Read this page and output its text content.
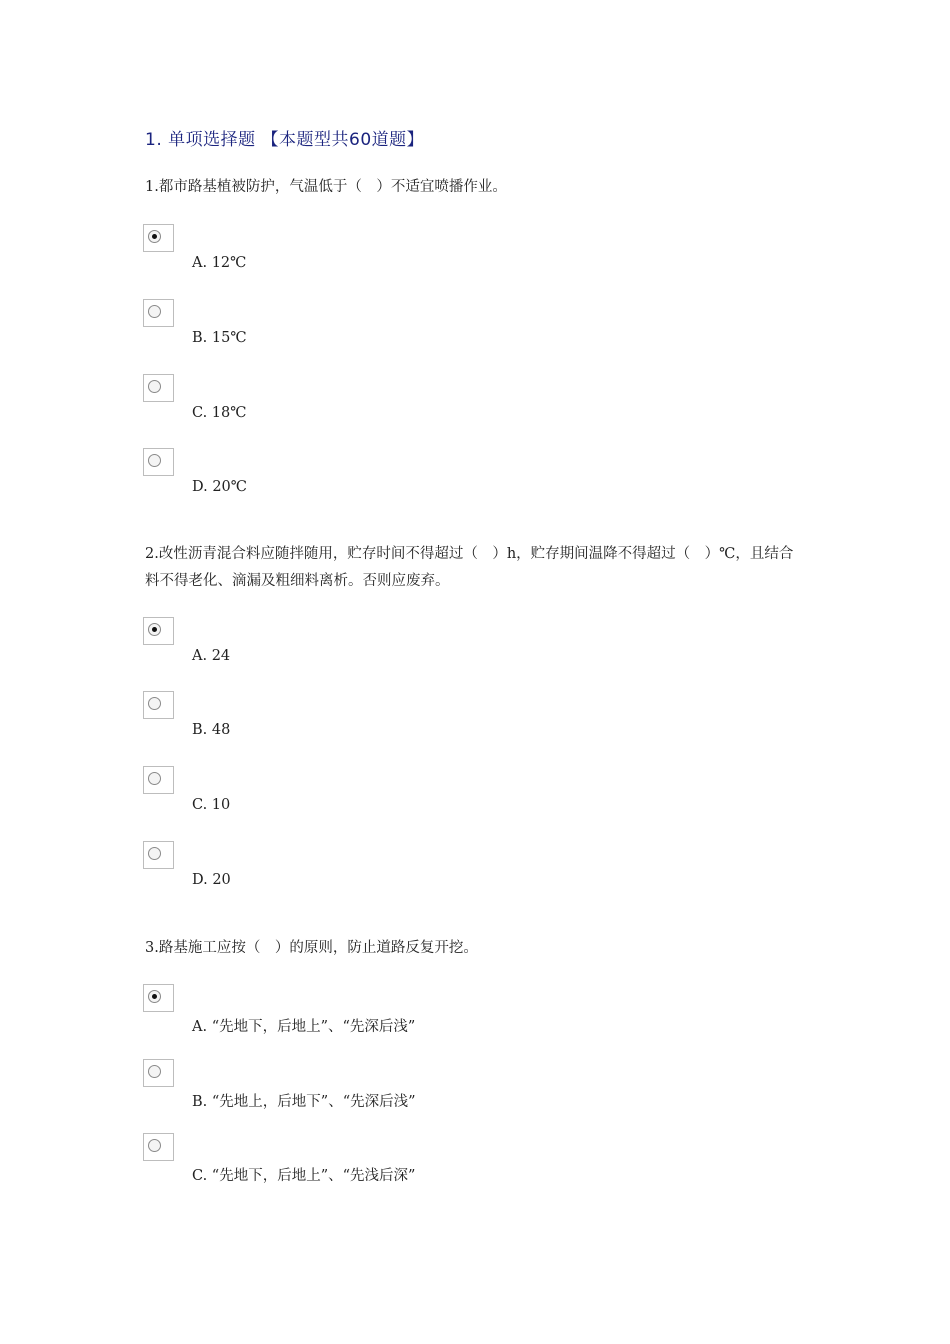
1. 单项选择题 【本题型共60道题】
1.都市路基植被防护，气温低于（　）不适宜喷播作业。
A. 12℃
B. 15℃
C. 18℃
D. 20℃
2.改性沥青混合料应随拌随用，贮存时间不得超过（　）h，贮存期间温降不得超过（　）℃，且结合料不得老化、滴漏及粗细料离析。否则应废弃。
A. 24
B. 48
C. 10
D. 20
3.路基施工应按（　）的原则，防止道路反复开挖。
A. “先地下，后地上”、“先深后浅”
B. “先地上，后地下”、“先深后浅”
C. “先地下，后地上”、“先浅后深”
